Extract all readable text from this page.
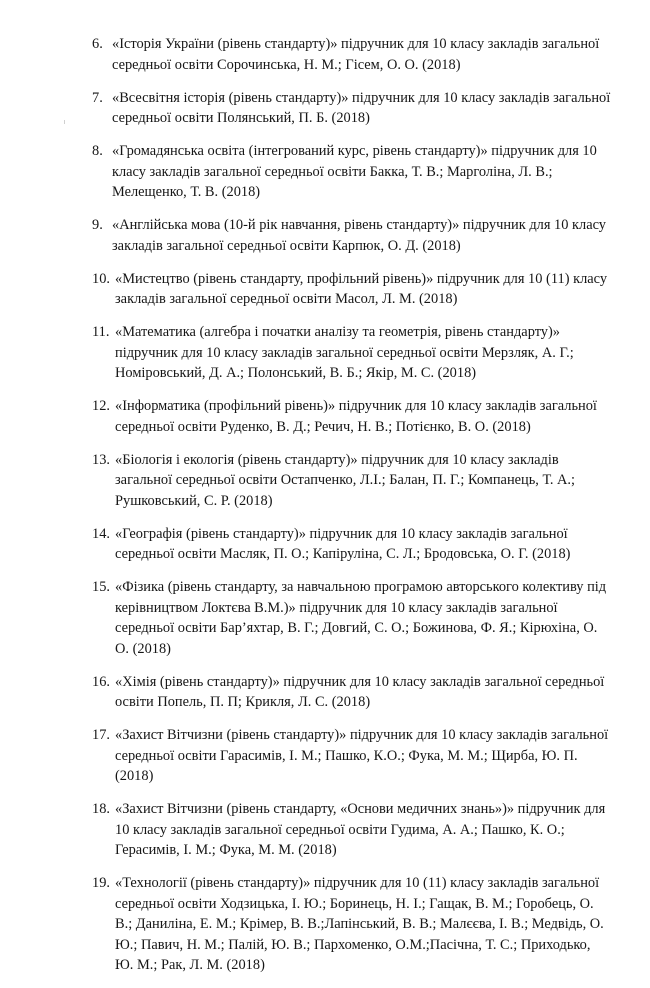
6. «Історія України (рівень стандарту)» підручник для 10 класу закладів загальної середньої освіти Сорочинська, Н. М.; Гісем, О. О. (2018)
7. «Всесвітня історія (рівень стандарту)» підручник для 10 класу закладів загальної середньої освіти Полянський, П. Б. (2018)
8. «Громадянська освіта (інтегрований курс, рівень стандарту)» підручник для 10 класу закладів загальної середньої освіти Бакка, Т. В.; Марголіна, Л. В.; Мелещенко, Т. В. (2018)
9. «Англійська мова (10-й рік навчання, рівень стандарту)» підручник для 10 класу закладів загальної середньої освіти Карпюк, О. Д. (2018)
10. «Мистецтво (рівень стандарту, профільний рівень)» підручник для 10 (11) класу закладів загальної середньої освіти Масол, Л. М. (2018)
11. «Математика (алгебра і початки аналізу та геометрія, рівень стандарту)» підручник для 10 класу закладів загальної середньої освіти Мерзляк, А. Г.; Номіровський, Д. А.; Полонський, В. Б.; Якір, М. С. (2018)
12. «Інформатика (профільний рівень)» підручник для 10 класу закладів загальної середньої освіти Руденко, В. Д.; Речич, Н. В.; Потієнко, В. О. (2018)
13. «Біологія і екологія (рівень стандарту)» підручник для 10 класу закладів загальної середньої освіти Остапченко, Л.І.; Балан, П. Г.; Компанець, Т. А.; Рушковський, С. Р. (2018)
14. «Географія (рівень стандарту)» підручник для 10 класу закладів загальної середньої освіти Масляк, П. О.; Капіруліна, С. Л.; Бродовська, О. Г. (2018)
15. «Фізика (рівень стандарту, за навчальною програмою авторського колективу під керівництвом Локтєва В.М.)» підручник для 10 класу закладів загальної середньої освіти Бар’яхтар, В. Г.; Довгий, С. О.; Божинова, Ф. Я.; Кірюхіна, О. О. (2018)
16. «Хімія (рівень стандарту)» підручник для 10 класу закладів загальної середньої освіти Попель, П. П; Крикля, Л. С. (2018)
17. «Захист Вітчизни (рівень стандарту)» підручник для 10 класу закладів загальної середньої освіти Гарасимів, І. М.; Пашко, К.О.; Фука, М. М.; Щирба, Ю. П. (2018)
18. «Захист Вітчизни (рівень стандарту, «Основи медичних знань»)» підручник для 10 класу закладів загальної середньої освіти Гудима, А. А.; Пашко, К. О.; Герасимів, І. М.; Фука, М. М. (2018)
19. «Технології (рівень стандарту)» підручник для 10 (11) класу закладів загальної середньої освіти Ходзицька, І. Ю.; Боринець, Н. І.; Гащак, В. М.; Горобець, О. В.; Даниліна, Е. М.; Крімер, В. В.;Лапінський, В. В.; Малєєва, І. В.; Медвідь, О. Ю.; Павич, Н. М.; Палій, Ю. В.; Пархоменко, О.М.;Пасічна, Т. С.; Приходько, Ю. М.; Рак, Л. М. (2018)
